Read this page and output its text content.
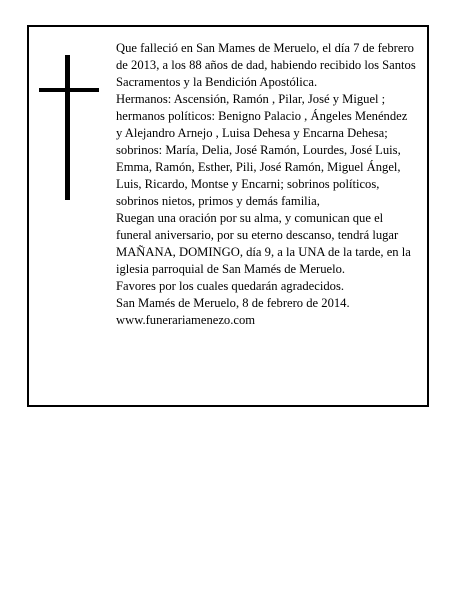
Que falleció en San Mames de Meruelo, el día 7 de febrero de 2013, a los 88 años de dad, habiendo recibido los Santos Sacramentos y la Bendición Apostólica.

Hermanos: Ascensión, Ramón , Pilar, José y Miguel ; hermanos políticos: Benigno Palacio , Ángeles Menéndez y Alejandro Arnejo , Luisa Dehesa y Encarna Dehesa; sobrinos: María, Delia, José Ramón, Lourdes, José Luis, Emma, Ramón, Esther, Pili, José Ramón, Miguel Ángel, Luis, Ricardo, Montse y Encarni; sobrinos políticos, sobrinos nietos, primos y demás familia,

Ruegan una oración por su alma, y comunican que el funeral aniversario, por su eterno descanso, tendrá lugar MAÑANA, DOMINGO, día 9, a la UNA de la tarde, en la iglesia parroquial de San Mamés de Meruelo.

Favores por los cuales quedarán agradecidos.

San Mamés de Meruelo, 8 de febrero de 2014.

www.funerariamenezo.com
